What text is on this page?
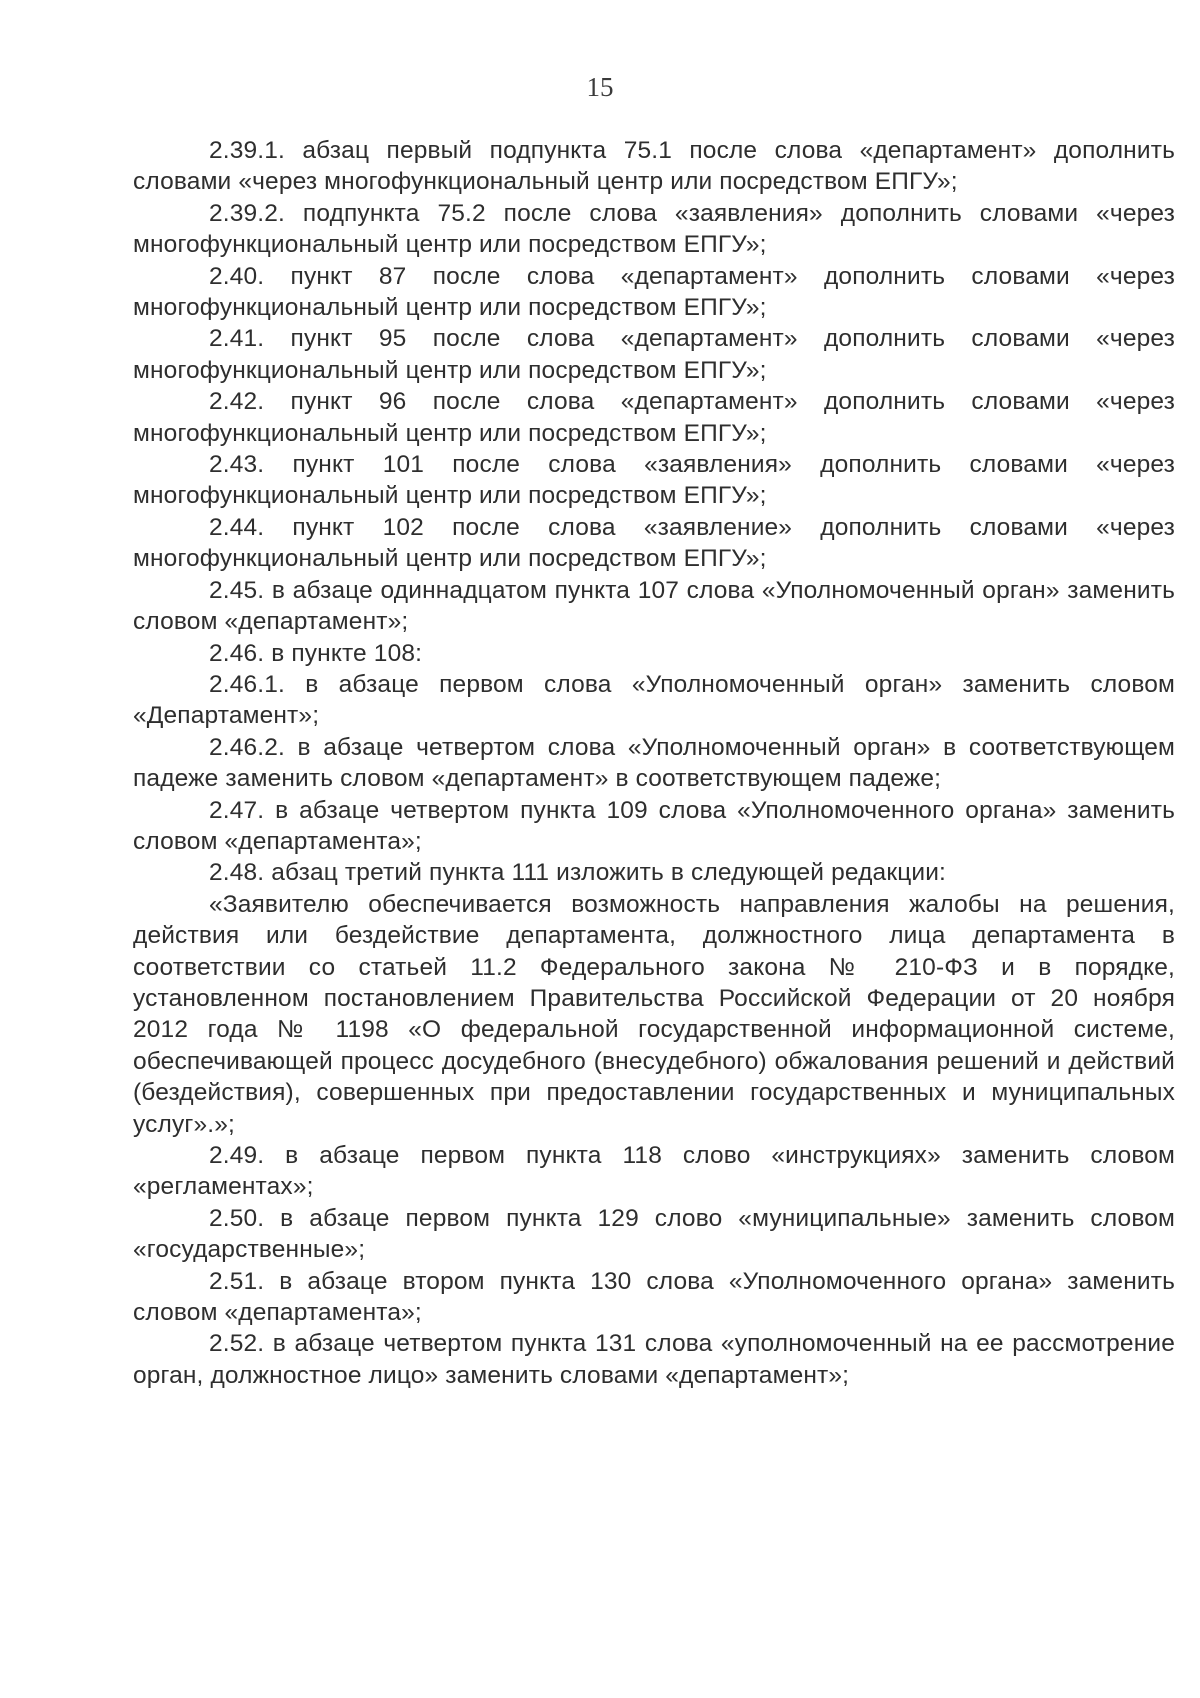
15

2.39.1. абзац первый подпункта 75.1 после слова «департамент» дополнить словами «через многофункциональный центр или посредством ЕПГУ»;

2.39.2. подпункта 75.2 после слова «заявления» дополнить словами «через многофункциональный центр или посредством ЕПГУ»;

2.40. пункт 87 после слова «департамент» дополнить словами «через многофункциональный центр или посредством ЕПГУ»;

2.41. пункт 95 после слова «департамент» дополнить словами «через многофункциональный центр или посредством ЕПГУ»;

2.42. пункт 96 после слова «департамент» дополнить словами «через многофункциональный центр или посредством ЕПГУ»;

2.43. пункт 101 после слова «заявления» дополнить словами «через многофункциональный центр или посредством ЕПГУ»;

2.44. пункт 102 после слова «заявление» дополнить словами «через многофункциональный центр или посредством ЕПГУ»;

2.45. в абзаце одиннадцатом пункта 107 слова «Уполномоченный орган» заменить словом «департамент»;

2.46. в пункте 108:

2.46.1. в абзаце первом слова «Уполномоченный орган» заменить словом «Департамент»;

2.46.2. в абзаце четвертом слова «Уполномоченный орган» в соответствующем падеже заменить словом «департамент» в соответствующем падеже;

2.47. в абзаце четвертом пункта 109 слова «Уполномоченного органа» заменить словом «департамента»;

2.48. абзац третий пункта 111 изложить в следующей редакции:

«Заявителю обеспечивается возможность направления жалобы на решения, действия или бездействие департамента, должностного лица департамента в соответствии со статьей 11.2 Федерального закона № 210-ФЗ и в порядке, установленном постановлением Правительства Российской Федерации от 20 ноября 2012 года № 1198 «О федеральной государственной информационной системе, обеспечивающей процесс досудебного (внесудебного) обжалования решений и действий (бездействия), совершенных при предоставлении государственных и муниципальных услуг».»;

2.49. в абзаце первом пункта 118 слово «инструкциях» заменить словом «регламентах»;

2.50. в абзаце первом пункта 129 слово «муниципальные» заменить словом «государственные»;

2.51. в абзаце втором пункта 130 слова «Уполномоченного органа» заменить словом «департамента»;

2.52. в абзаце четвертом пункта 131 слова «уполномоченный на ее рассмотрение орган, должностное лицо» заменить словами «департамент»;
